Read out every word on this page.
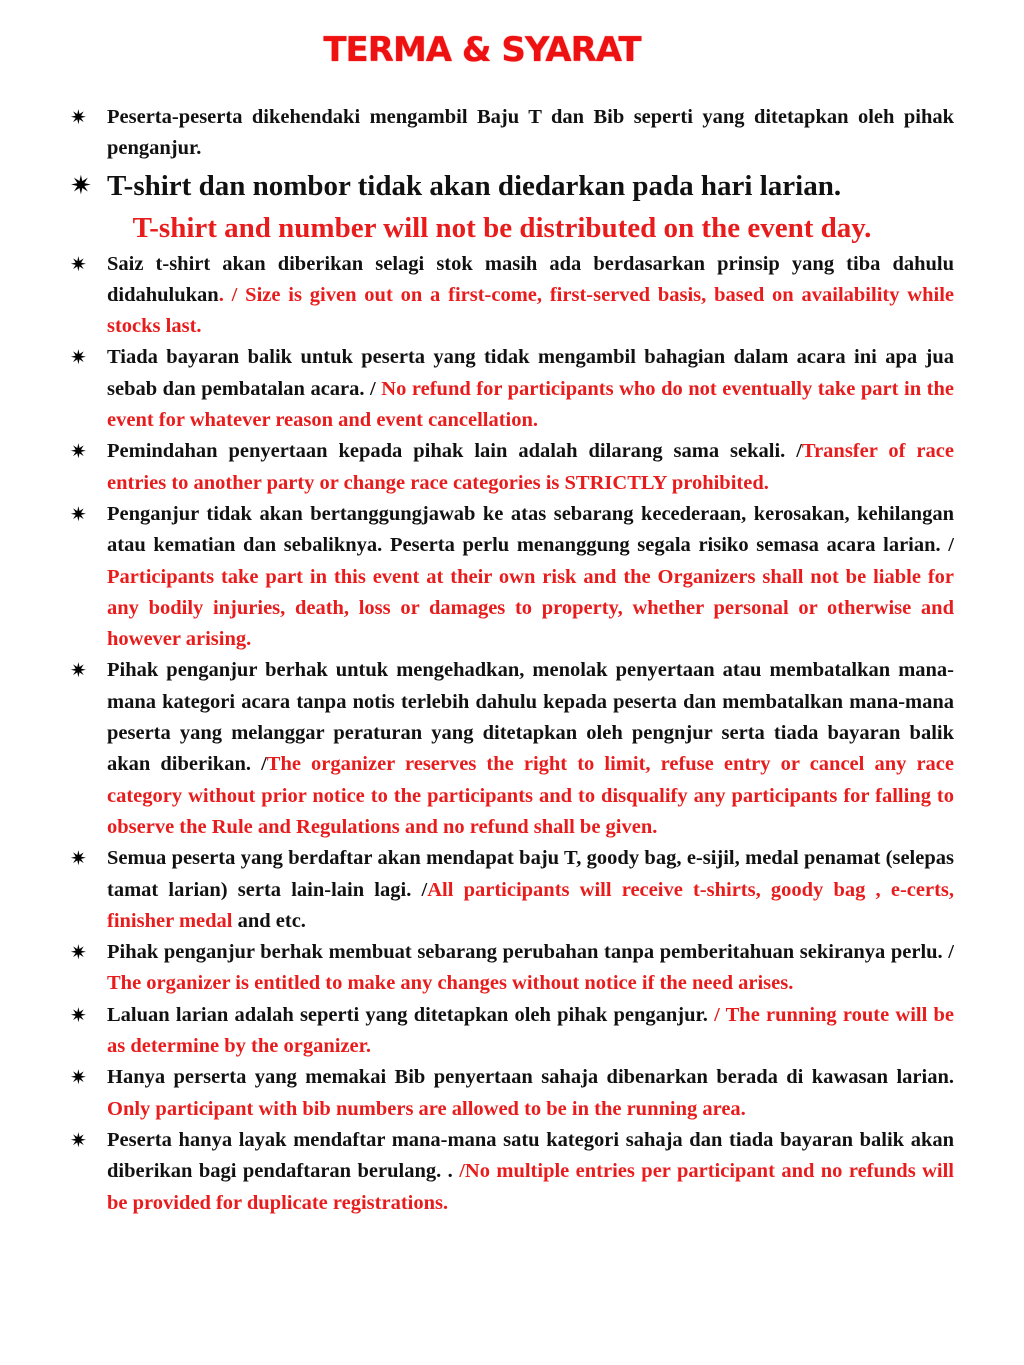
TERMA & SYARAT
✷ Peserta-peserta dikehendaki mengambil Baju T dan Bib seperti yang ditetapkan oleh pihak penganjur.
✷ T-shirt dan nombor tidak akan diedarkan pada hari larian.
T-shirt and number will not be distributed on the event day.
✷ Saiz t-shirt akan diberikan selagi stok masih ada berdasarkan prinsip yang tiba dahulu didahulukan. / Size is given out on a first-come, first-served basis, based on availability while stocks last.
✷ Tiada bayaran balik untuk peserta yang tidak mengambil bahagian dalam acara ini apa jua sebab dan pembatalan acara. / No refund for participants who do not eventually take part in the event for whatever reason and event cancellation.
✷ Pemindahan penyertaan kepada pihak lain adalah dilarang sama sekali. /Transfer of race entries to another party or change race categories is STRICTLY prohibited.
✷ Penganjur tidak akan bertanggungjawab ke atas sebarang kecederaan, kerosakan, kehilangan atau kematian dan sebaliknya. Peserta perlu menanggung segala risiko semasa acara larian. / Participants take part in this event at their own risk and the Organizers shall not be liable for any bodily injuries, death, loss or damages to property, whether personal or otherwise and however arising.
✷ Pihak penganjur berhak untuk mengehadkan, menolak penyertaan atau membatalkan mana-mana kategori acara tanpa notis terlebih dahulu kepada peserta dan membatalkan mana-mana peserta yang melanggar peraturan yang ditetapkan oleh pengnjur serta tiada bayaran balik akan diberikan. /The organizer reserves the right to limit, refuse entry or cancel any race category without prior notice to the participants and to disqualify any participants for falling to observe the Rule and Regulations and no refund shall be given.
✷ Semua peserta yang berdaftar akan mendapat baju T, goody bag, e-sijil, medal penamat (selepas tamat larian) serta lain-lain lagi. /All participants will receive t-shirts, goody bag , e-certs, finisher medal and etc.
✷ Pihak penganjur berhak membuat sebarang perubahan tanpa pemberitahuan sekiranya perlu. / The organizer is entitled to make any changes without notice if the need arises.
✷ Laluan larian adalah seperti yang ditetapkan oleh pihak penganjur. / The running route will be as determine by the organizer.
✷ Hanya perserta yang memakai Bib penyertaan sahaja dibenarkan berada di kawasan larian. Only participant with bib numbers are allowed to be in the running area.
✷ Peserta hanya layak mendaftar mana-mana satu kategori sahaja dan tiada bayaran balik akan diberikan bagi pendaftaran berulang. . /No multiple entries per participant and no refunds will be provided for duplicate registrations.
